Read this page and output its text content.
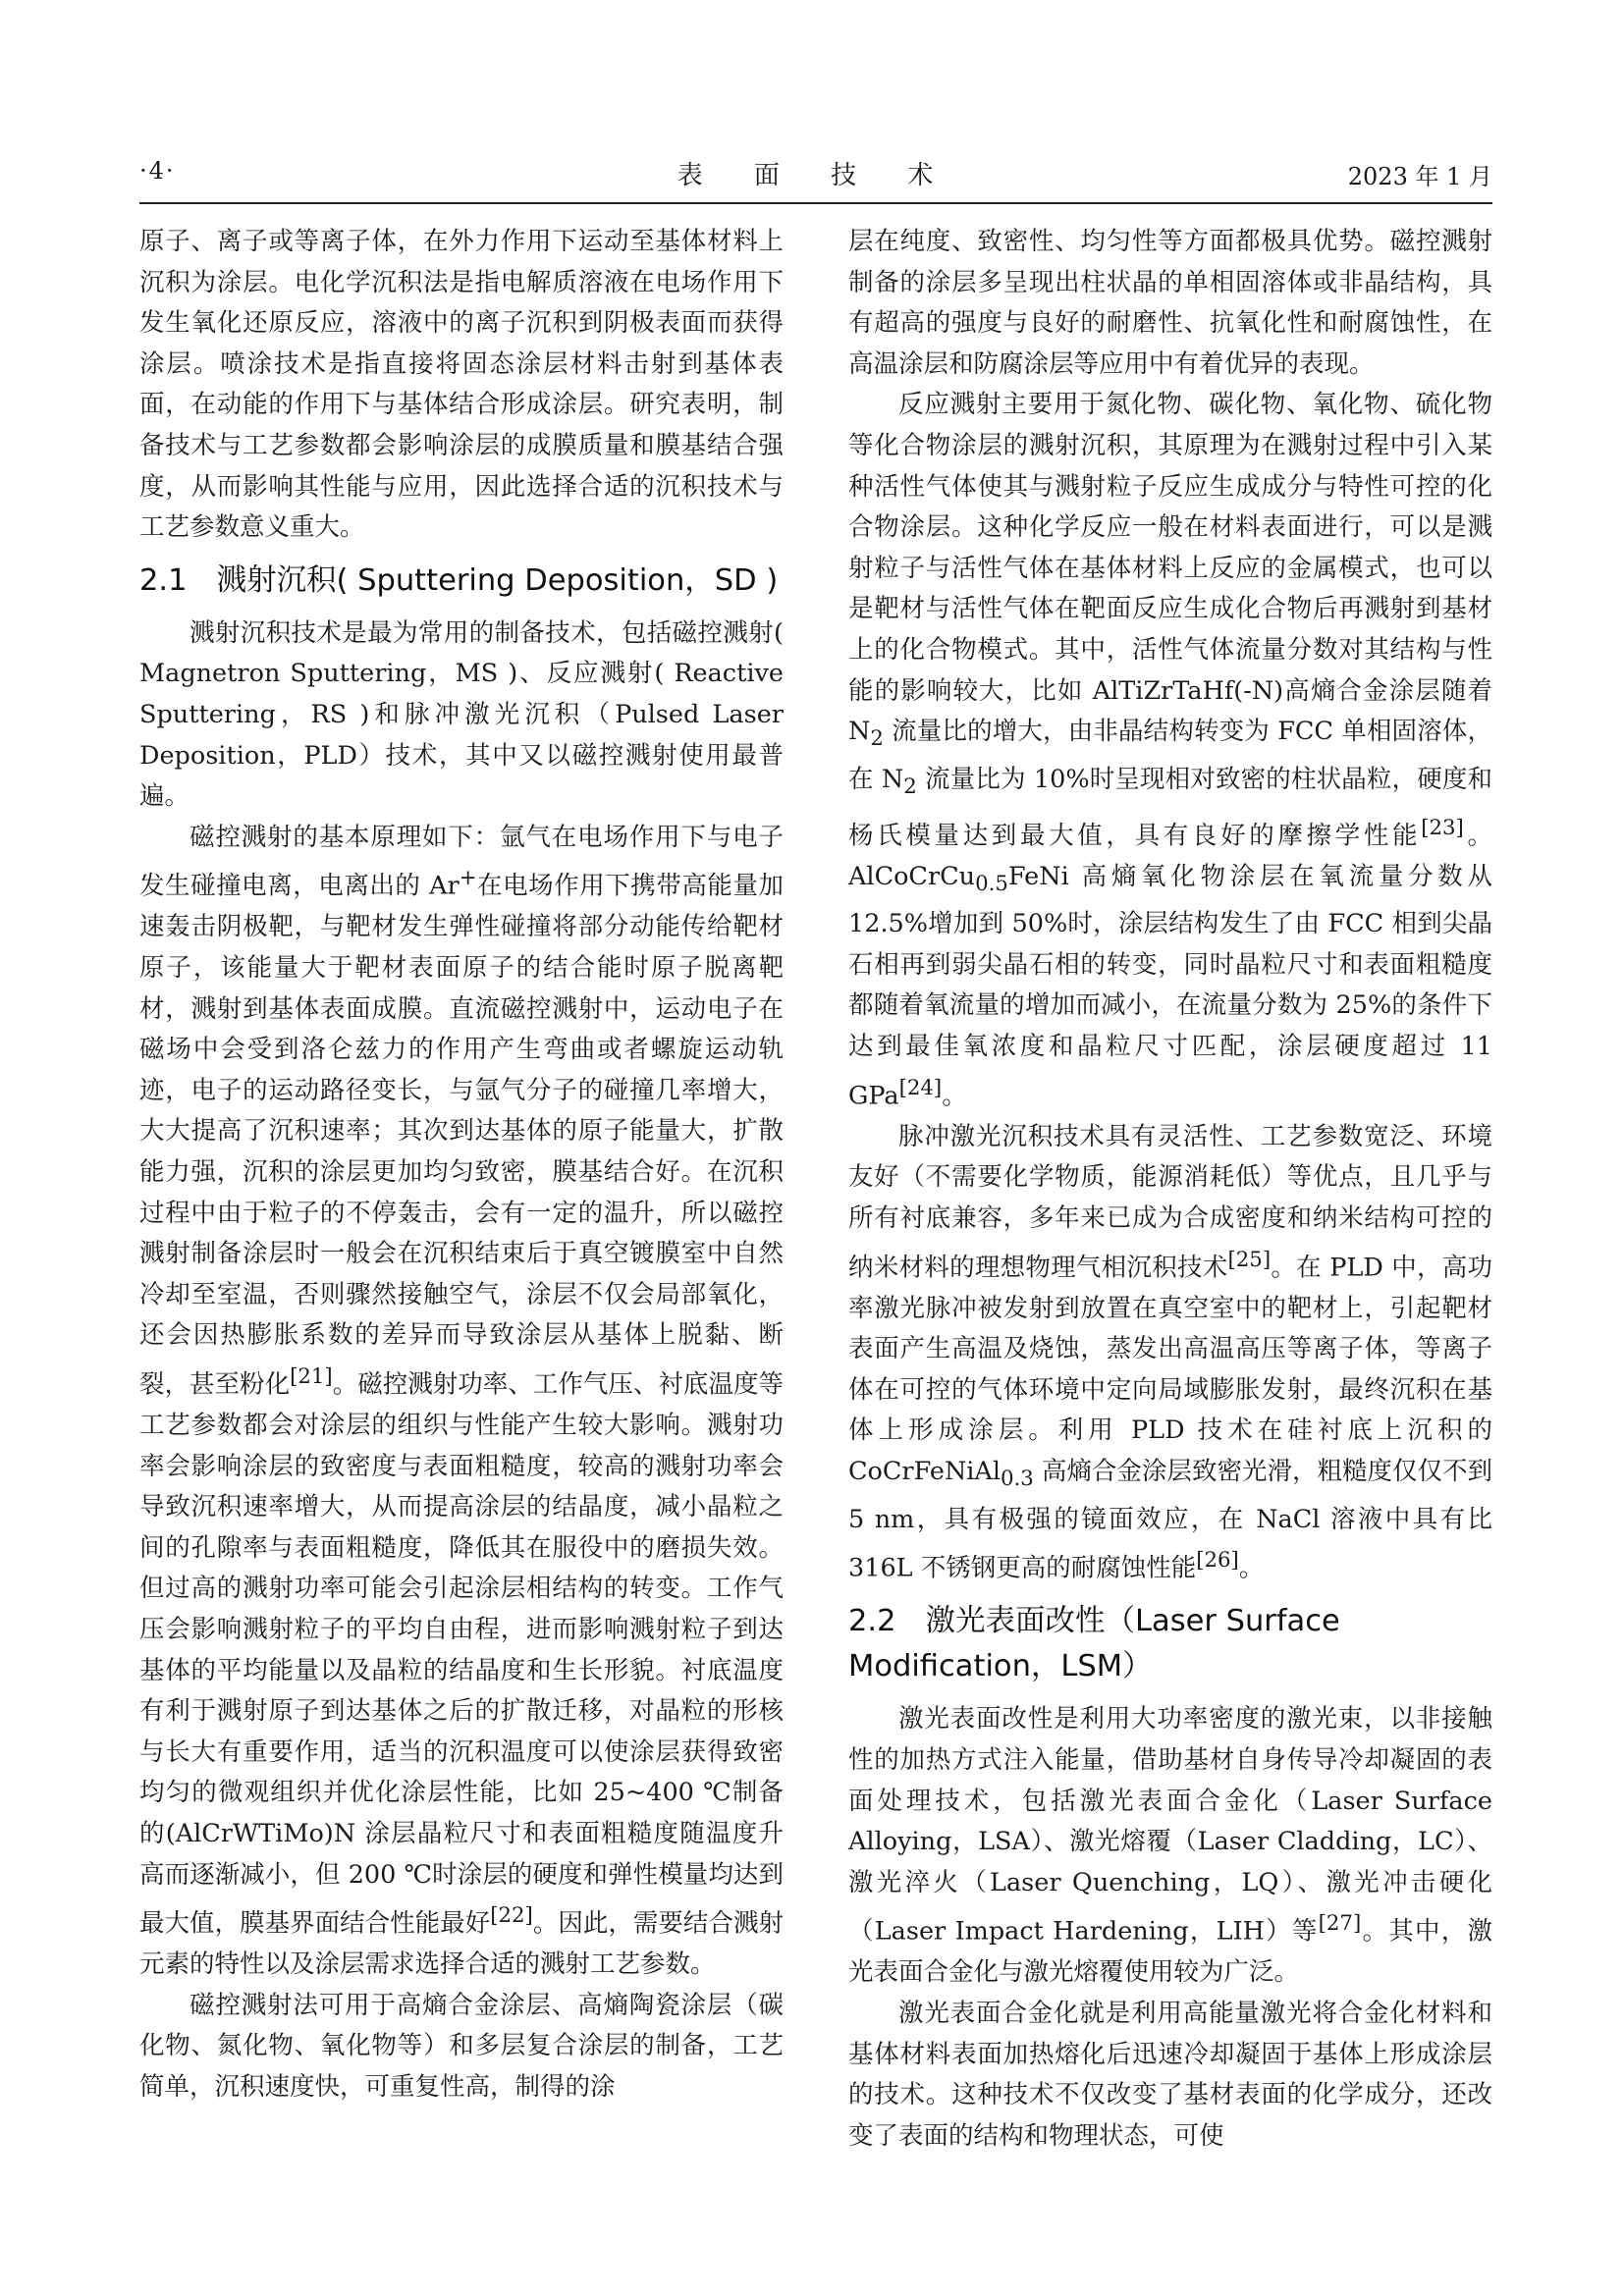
·4·	表 面 技 术	2023 年 1 月

原子、离子或等离子体，在外力作用下运动至基体材料上沉积为涂层。电化学沉积法是指电解质溶液在电场作用下发生氧化还原反应，溶液中的离子沉积到阴极表面而获得涂层。喷涂技术是指直接将固态涂层材料击射到基体表面，在动能的作用下与基体结合形成涂层。研究表明，制备技术与工艺参数都会影响涂层的成膜质量和膜基结合强度，从而影响其性能与应用，因此选择合适的沉积技术与工艺参数意义重大。

2.1 溅射沉积( Sputtering Deposition，SD )

溅射沉积技术是最为常用的制备技术，包括磁控溅射( Magnetron Sputtering，MS )、反应溅射( Reactive Sputtering，RS )和脉冲激光沉积（Pulsed Laser Deposition，PLD）技术，其中又以磁控溅射使用最普遍。

磁控溅射的基本原理如下：氩气在电场作用下与电子发生碰撞电离，电离出的 Ar+在电场作用下携带高能量加速轰击阴极靶，与靶材发生弹性碰撞将部分动能传给靶材原子，该能量大于靶材表面原子的结合能时原子脱离靶材，溅射到基体表面成膜。直流磁控溅射中，运动电子在磁场中会受到洛仑兹力的作用产生弯曲或者螺旋运动轨迹，电子的运动路径变长，与氩气分子的碰撞几率增大，大大提高了沉积速率；其次到达基体的原子能量大，扩散能力强，沉积的涂层更加均匀致密，膜基结合好。在沉积过程中由于粒子的不停轰击，会有一定的温升，所以磁控溅射制备涂层时一般会在沉积结束后于真空镀膜室中自然冷却至室温，否则骤然接触空气，涂层不仅会局部氧化，还会因热膨胀系数的差异而导致涂层从基体上脱黏、断裂，甚至粉化[21]。磁控溅射功率、工作气压、衬底温度等工艺参数都会对涂层的组织与性能产生较大影响。溅射功率会影响涂层的致密度与表面粗糙度，较高的溅射功率会导致沉积速率增大，从而提高涂层的结晶度，减小晶粒之间的孔隙率与表面粗糙度，降低其在服役中的磨损失效。但过高的溅射功率可能会引起涂层相结构的转变。工作气压会影响溅射粒子的平均自由程，进而影响溅射粒子到达基体的平均能量以及晶粒的结晶度和生长形貌。衬底温度有利于溅射原子到达基体之后的扩散迁移，对晶粒的形核与长大有重要作用，适当的沉积温度可以使涂层获得致密均匀的微观组织并优化涂层性能，比如 25~400 ℃制备的(AlCrWTiMo)N 涂层晶粒尺寸和表面粗糙度随温度升高而逐渐减小，但 200 ℃时涂层的硬度和弹性模量均达到最大值，膜基界面结合性能最好[22]。因此，需要结合溅射元素的特性以及涂层需求选择合适的溅射工艺参数。

磁控溅射法可用于高熵合金涂层、高熵陶瓷涂层（碳化物、氮化物、氧化物等）和多层复合涂层的制备，工艺简单，沉积速度快，可重复性高，制得的涂

层在纯度、致密性、均匀性等方面都极具优势。磁控溅射制备的涂层多呈现出柱状晶的单相固溶体或非晶结构，具有超高的强度与良好的耐磨性、抗氧化性和耐腐蚀性，在高温涂层和防腐涂层等应用中有着优异的表现。

反应溅射主要用于氮化物、碳化物、氧化物、硫化物等化合物涂层的溅射沉积，其原理为在溅射过程中引入某种活性气体使其与溅射粒子反应生成成分与特性可控的化合物涂层。这种化学反应一般在材料表面进行，可以是溅射粒子与活性气体在基体材料上反应的金属模式，也可以是靶材与活性气体在靶面反应生成化合物后再溅射到基材上的化合物模式。其中，活性气体流量分数对其结构与性能的影响较大，比如 AlTiZrTaHf(-N)高熵合金涂层随着 $N_2$ 流量比的增大，由非晶结构转变为 FCC 单相固溶体，在 $N_2$ 流量比为 10%时呈现相对致密的柱状晶粒，硬度和杨氏模量达到最大值，具有良好的摩擦学性能[23]。AlCoCrCu$_{0.5}$FeNi 高熵氧化物涂层在氧流量分数从 12.5%增加到 50%时，涂层结构发生了由 FCC 相到尖晶石相再到弱尖晶石相的转变，同时晶粒尺寸和表面粗糙度都随着氧流量的增加而减小，在流量分数为 25%的条件下达到最佳氧浓度和晶粒尺寸匹配，涂层硬度超过 11 GPa[24]。

脉冲激光沉积技术具有灵活性、工艺参数宽泛、环境友好（不需要化学物质，能源消耗低）等优点，且几乎与所有衬底兼容，多年来已成为合成密度和纳米结构可控的纳米材料的理想物理气相沉积技术[25]。在 PLD 中，高功率激光脉冲被发射到放置在真空室中的靶材上，引起靶材表面产生高温及烧蚀，蒸发出高温高压等离子体，等离子体在可控的气体环境中定向局域膨胀发射，最终沉积在基体上形成涂层。利用 PLD 技术在硅衬底上沉积的 CoCrFeNiAl$_{0.3}$ 高熵合金涂层致密光滑，粗糙度仅仅不到 5 nm，具有极强的镜面效应，在 NaCl 溶液中具有比 316L 不锈钢更高的耐腐蚀性能[26]。

2.2 激光表面改性（Laser Surface Modification，LSM）

激光表面改性是利用大功率密度的激光束，以非接触性的加热方式注入能量，借助基材自身传导冷却凝固的表面处理技术，包括激光表面合金化（Laser Surface Alloying，LSA）、激光熔覆（Laser Cladding，LC）、激光淬火（Laser Quenching，LQ）、激光冲击硬化（Laser Impact Hardening，LIH）等[27]。其中，激光表面合金化与激光熔覆使用较为广泛。

激光表面合金化就是利用高能量激光将合金化材料和基体材料表面加热熔化后迅速冷却凝固于基体上形成涂层的技术。这种技术不仅改变了基材表面的化学成分，还改变了表面的结构和物理状态，可使
